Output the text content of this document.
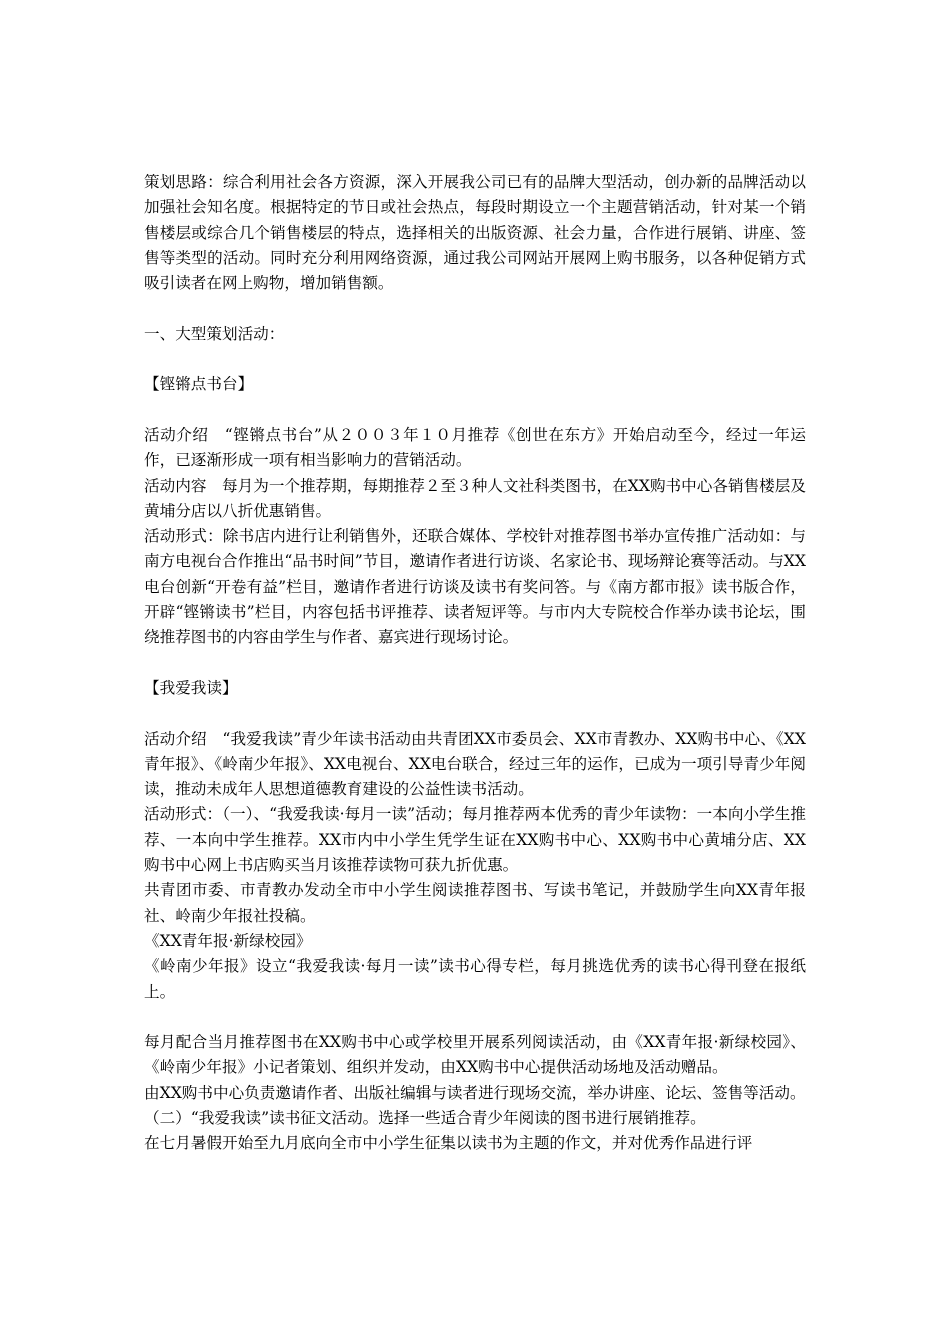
策划思路：综合利用社会各方资源，深入开展我公司已有的品牌大型活动，创办新的品牌活动以加强社会知名度。根据特定的节日或社会热点，每段时期设立一个主题营销活动，针对某一个销售楼层或综合几个销售楼层的特点，选择相关的出版资源、社会力量，合作进行展销、讲座、签售等类型的活动。同时充分利用网络资源，通过我公司网站开展网上购书服务，以各种促销方式吸引读者在网上购物，增加销售额。

一、大型策划活动：

【铿锵点书台】

活动介绍　“铿锵点书台”从２００３年１０月推荐《创世在东方》开始启动至今，经过一年运作，已逐渐形成一项有相当影响力的营销活动。

活动内容　每月为一个推荐期，每期推荐２至３种人文社科类图书，在XX购书中心各销售楼层及黄埔分店以八折优惠销售。

活动形式：除书店内进行让利销售外，还联合媒体、学校针对推荐图书举办宣传推广活动如：与南方电视台合作推出“品书时间”节目，邀请作者进行访谈、名家论书、现场辩论赛等活动。与XX电台创新“开卷有益”栏目，邀请作者进行访谈及读书有奖问答。与《南方都市报》读书版合作，开辟“铿锵读书”栏目，内容包括书评推荐、读者短评等。与市内大专院校合作举办读书论坛，围绕推荐图书的内容由学生与作者、嘉宾进行现场讨论。

【我爱我读】

活动介绍　“我爱我读”青少年读书活动由共青团XX市委员会、XX市青教办、XX购书中心、《XX青年报》、《岭南少年报》、XX电视台、XX电台联合，经过三年的运作，已成为一项引导青少年阅读，推动未成年人思想道德教育建设的公益性读书活动。

活动形式：（一）、“我爱我读·每月一读”活动；每月推荐两本优秀的青少年读物：一本向小学生推荐、一本向中学生推荐。XX市内中小学生凭学生证在XX购书中心、XX购书中心黄埔分店、XX购书中心网上书店购买当月该推荐读物可获九折优惠。

共青团市委、市青教办发动全市中小学生阅读推荐图书、写读书笔记，并鼓励学生向XX青年报社、岭南少年报社投稿。

《XX青年报·新绿校园》

《岭南少年报》设立“我爱我读·每月一读”读书心得专栏，每月挑选优秀的读书心得刊登在报纸上。

每月配合当月推荐图书在XX购书中心或学校里开展系列阅读活动，由《XX青年报·新绿校园》、《岭南少年报》小记者策划、组织并发动，由XX购书中心提供活动场地及活动赠品。

由XX购书中心负责邀请作者、出版社编辑与读者进行现场交流，举办讲座、论坛、签售等活动。

（二）“我爱我读”读书征文活动。选择一些适合青少年阅读的图书进行展销推荐。

在七月暑假开始至九月底向全市中小学生征集以读书为主题的作文，并对优秀作品进行评
